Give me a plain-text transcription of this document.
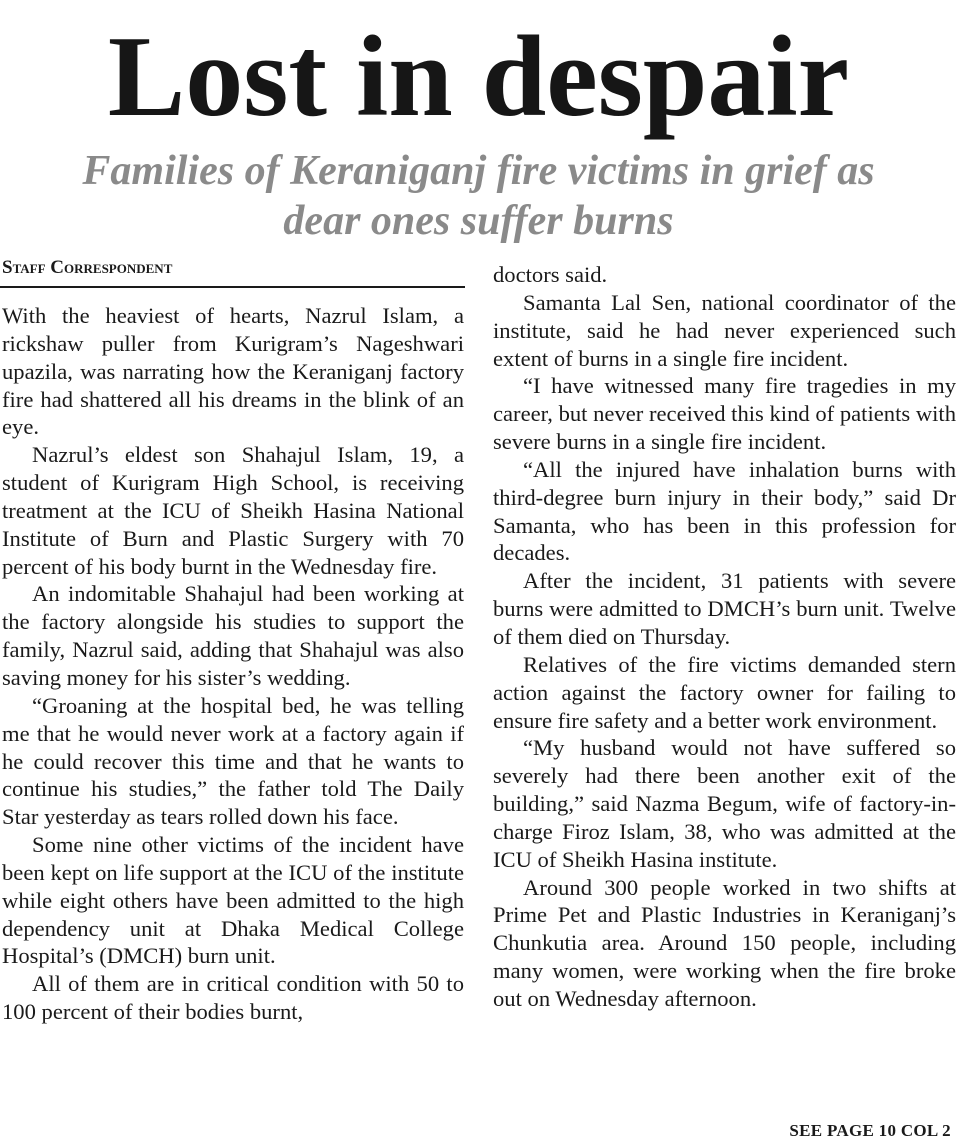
Lost in despair
Families of Keraniganj fire victims in grief as dear ones suffer burns
Staff Correspondent

With the heaviest of hearts, Nazrul Islam, a rickshaw puller from Kurigram’s Nageshwari upazila, was narrating how the Keraniganj factory fire had shattered all his dreams in the blink of an eye.

Nazrul’s eldest son Shahajul Islam, 19, a student of Kurigram High School, is receiving treatment at the ICU of Sheikh Hasina National Institute of Burn and Plastic Surgery with 70 percent of his body burnt in the Wednesday fire.

An indomitable Shahajul had been working at the factory alongside his studies to support the family, Nazrul said, adding that Shahajul was also saving money for his sister’s wedding.

“Groaning at the hospital bed, he was telling me that he would never work at a factory again if he could recover this time and that he wants to continue his studies,” the father told The Daily Star yesterday as tears rolled down his face.

Some nine other victims of the incident have been kept on life support at the ICU of the institute while eight others have been admitted to the high dependency unit at Dhaka Medical College Hospital’s (DMCH) burn unit.

All of them are in critical condition with 50 to 100 percent of their bodies burnt,

doctors said.

Samanta Lal Sen, national coordinator of the institute, said he had never experienced such extent of burns in a single fire incident.

“I have witnessed many fire tragedies in my career, but never received this kind of patients with severe burns in a single fire incident.

“All the injured have inhalation burns with third-degree burn injury in their body,” said Dr Samanta, who has been in this profession for decades.

After the incident, 31 patients with severe burns were admitted to DMCH’s burn unit. Twelve of them died on Thursday.

Relatives of the fire victims demanded stern action against the factory owner for failing to ensure fire safety and a better work environment.

“My husband would not have suffered so severely had there been another exit of the building,” said Nazma Begum, wife of factory-in-charge Firoz Islam, 38, who was admitted at the ICU of Sheikh Hasina institute.

Around 300 people worked in two shifts at Prime Pet and Plastic Industries in Keraniganj’s Chunkutia area. Around 150 people, including many women, were working when the fire broke out on Wednesday afternoon.

SEE PAGE 10 COL 2
